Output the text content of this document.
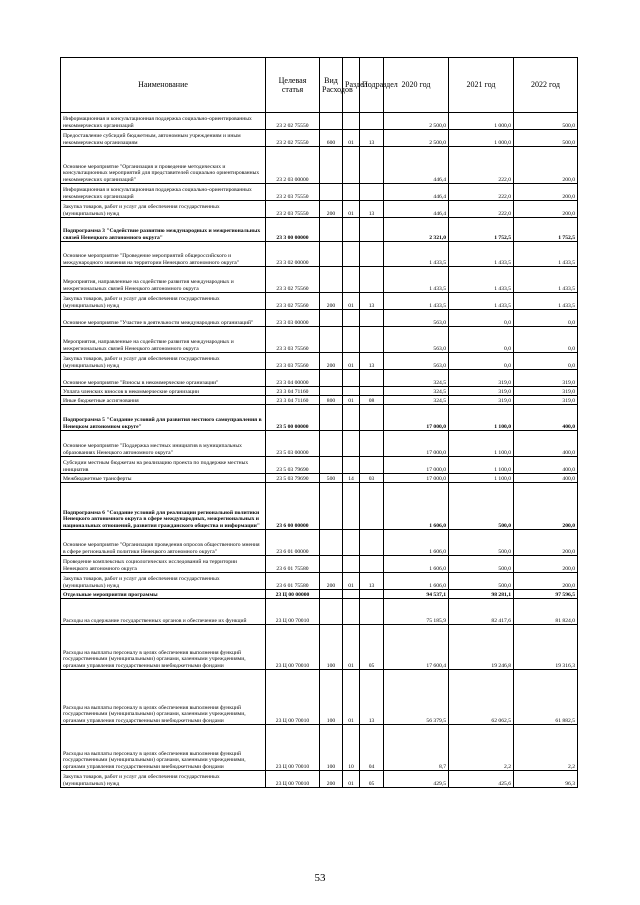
Наименование	Целевая статья	Вид Расходов	Раздел	Подраздел	2020 год	2021 год	2022 год
Информационная и консультационная поддержка социально-ориентированных некоммерческих организаций	23 2 02 75550				2 500,0	1 000,0	500,0
Предоставление субсидий бюджетным, автономным учреждениям и иным некоммерческим организациям	23 2 02 75550	600	01	13	2 500,0	1 000,0	500,0
Основное мероприятие "Организация и проведение методических и консультационных мероприятий для представителей социально ориентированных некоммерческих организаций"	23 2 03 00000				446,4	222,0	200,0
Информационная и консультационная поддержка социально-ориентированных некоммерческих организаций	23 2 03 75550				446,4	222,0	200,0
Закупка товаров, работ и услуг для обеспечения государственных (муниципальных) нужд	23 2 03 75550	200	01	13	446,4	222,0	200,0
Подпрограмма 3 "Содействие развитию международных и межрегиональных связей Ненецкого автономного округа"	23 3 00 00000				2 321,0	1 752,5	1 752,5
Основное мероприятие "Проведение мероприятий общероссийского и международного значения на территории Ненецкого автономного округа"	23 3 02 00000				1 433,5	1 433,5	1 433,5
Мероприятия, направленные на содействие развития международных и межрегиональных связей Ненецкого автономного округа	23 3 02 75560				1 433,5	1 433,5	1 433,5
Закупка товаров, работ и услуг для обеспечения государственных (муниципальных) нужд	23 3 02 75560	200	01	13	1 433,5	1 433,5	1 433,5
Основное мероприятие "Участие в деятельности международных организаций"	23 3 03 00000				563,0	0,0	0,0
Мероприятия, направленные на содействие развития международных и межрегиональных связей Ненецкого автономного округа	23 3 03 75560				563,0	0,0	0,0
Закупка товаров, работ и услуг для обеспечения государственных (муниципальных) нужд	23 3 03 75560	200	01	13	563,0	0,0	0,0
Основное мероприятие "Взносы в некоммерческие организации"	23 3 04 00000				324,5	319,0	319,0
Уплата членских взносов в некоммерческие организации	23 3 04 71160				324,5	319,0	319,0
Иные бюджетные ассигнования	23 3 04 71160	800	01	08	324,5	319,0	319,0
Подпрограмма 5 "Создание условий для развития местного самоуправления в Ненецком автономном округе"	23 5 00 00000				17 000,0	1 100,0	400,0
Основное мероприятие "Поддержка местных инициатив в муниципальных образованиях Ненецкого автономного округа"	23 5 03 00000				17 000,0	1 100,0	400,0
Субсидии местным бюджетам на реализацию проекта по поддержке местных инициатив	23 5 03 79690				17 000,0	1 100,0	400,0
Межбюджетные трансферты	23 5 03 79690	500	14	03	17 000,0	1 100,0	400,0
Подпрограмма 6 "Создание условий для реализации региональной политики Ненецкого автономного округа в сфере международных, межрегиональных и национальных отношений, развития гражданского общества и информации"	23 6 00 00000				1 606,0	500,0	200,0
Основное мероприятие "Организация проведения опросов общественного мнения в сфере региональной политики Ненецкого автономного округа"	23 6 01 00000				1 606,0	500,0	200,0
Проведение комплексных социологических исследований на территории Ненецкого автономного округа	23 6 01 75580				1 606,0	500,0	200,0
Закупка товаров, работ и услуг для обеспечения государственных (муниципальных) нужд	23 6 01 75580	200	01	13	1 606,0	500,0	200,0
Отдельные мероприятия программы	23 Ц 00 00000				94 537,1	98 281,1	97 596,5
Расходы на содержание государственных органов и обеспечение их функций	23 Ц 00 70010				75 185,9	82 417,6	81 824,0
Расходы на выплаты персоналу в целях обеспечения выполнения функций государственными (муниципальными) органами, казенными учреждениями, органами управления государственными внебюджетными фондами	23 Ц 00 70010	100	01	05	17 600,4	19 246,8	19 316,3
Расходы на выплаты персоналу в целях обеспечения выполнения функций государственными (муниципальными) органами, казенными учреждениями, органами управления государственными внебюджетными фондами	23 Ц 00 70010	100	01	13	56 379,5	62 062,5	61 882,5
Расходы на выплаты персоналу в целях обеспечения выполнения функций государственными (муниципальными) органами, казенными учреждениями, органами управления государственными внебюджетными фондами	23 Ц 00 70010	100	10	04	8,7	2,2	2,2
Закупка товаров, работ и услуг для обеспечения государственных (муниципальных) нужд	23 Ц 00 70010	200	01	05	429,5	425,6	96,3
53
